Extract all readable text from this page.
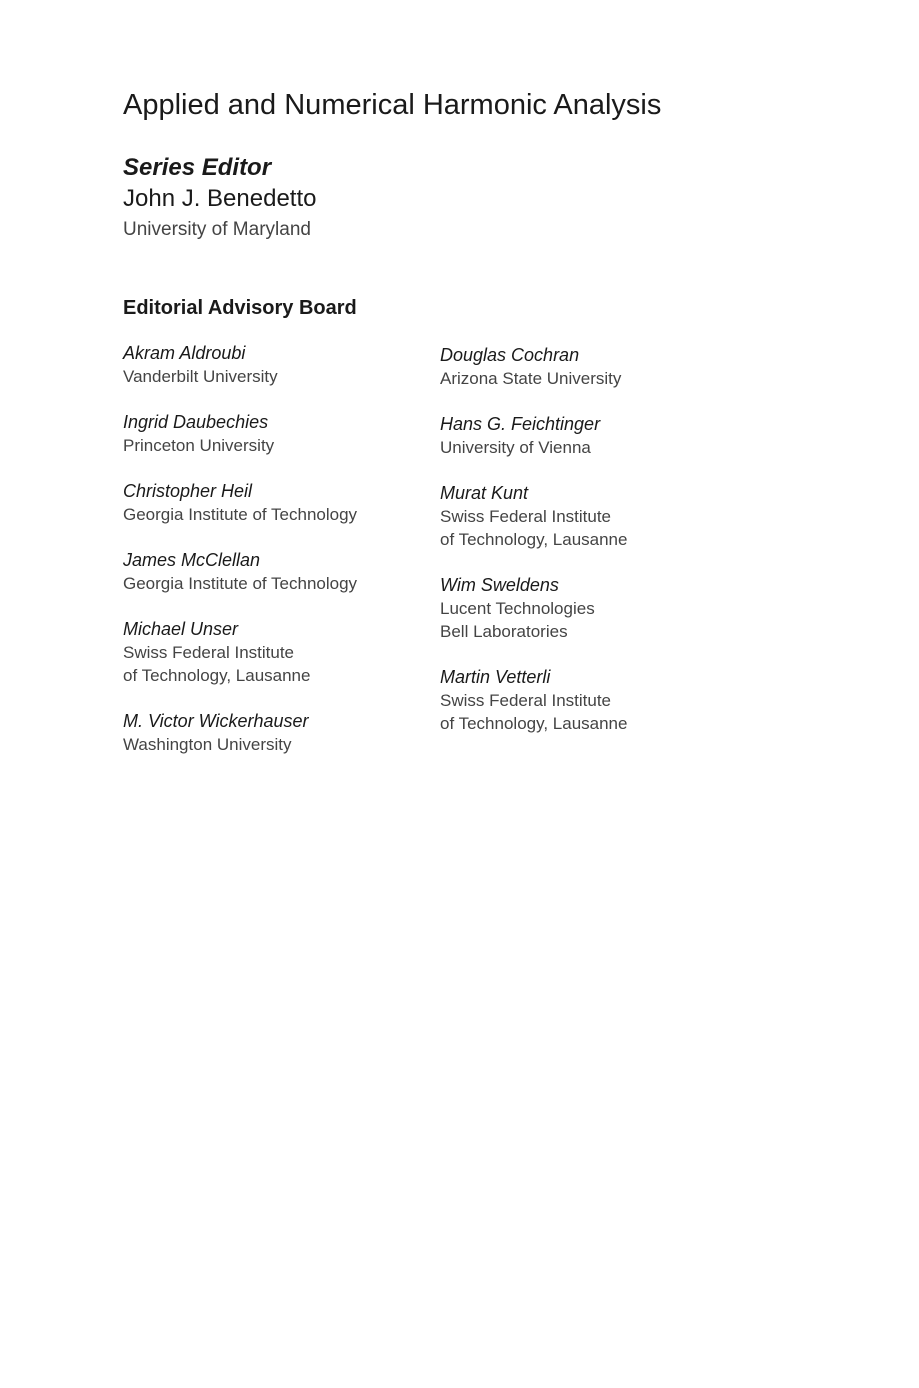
Applied and Numerical Harmonic Analysis
Series Editor
John J. Benedetto
University of Maryland
Editorial Advisory Board
Akram Aldroubi
Vanderbilt University
Ingrid Daubechies
Princeton University
Christopher Heil
Georgia Institute of Technology
James McClellan
Georgia Institute of Technology
Michael Unser
Swiss Federal Institute
of Technology, Lausanne
M. Victor Wickerhauser
Washington University
Douglas Cochran
Arizona State University
Hans G. Feichtinger
University of Vienna
Murat Kunt
Swiss Federal Institute
of Technology, Lausanne
Wim Sweldens
Lucent Technologies
Bell Laboratories
Martin Vetterli
Swiss Federal Institute
of Technology, Lausanne
